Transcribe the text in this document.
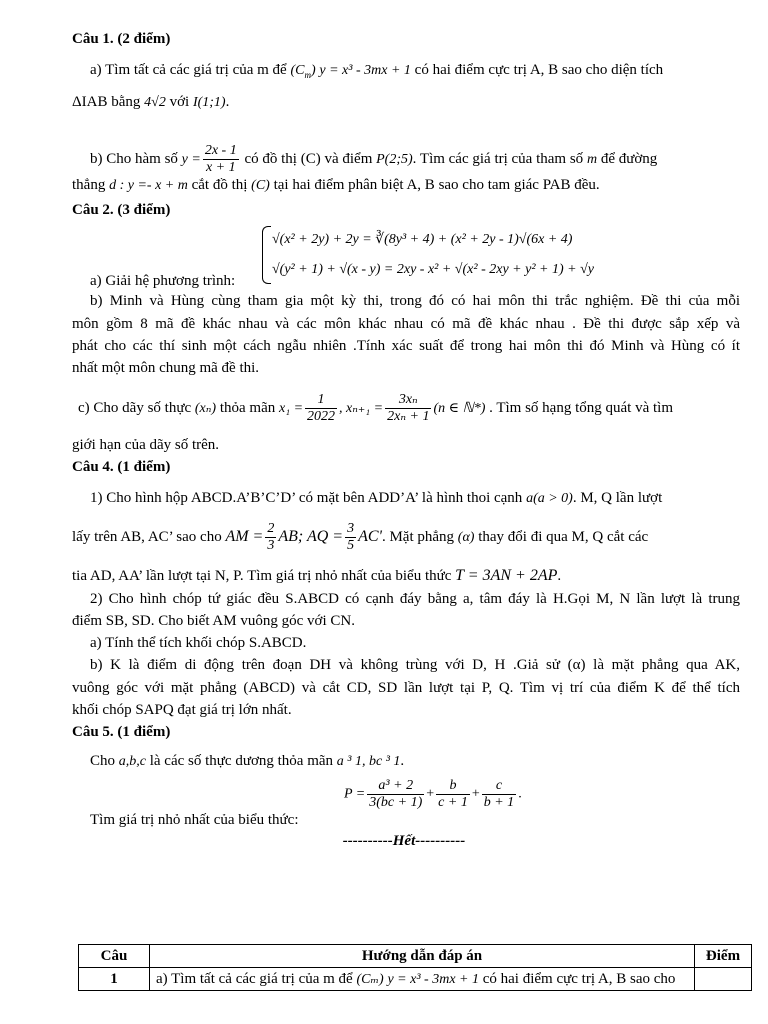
Câu 1. (2 điểm)
a) Tìm tất cả các giá trị của m để $(C_m) y = x^3 - 3mx + 1$ có hai điểm cực trị A, B sao cho diện tích
ΔIAB bằng 4√2 với I(1;1).
b) Cho hàm số $y = \frac{2x - 1}{x + 1}$ có đồ thị (C) và điểm P(2;5). Tìm các giá trị của tham số m để đường
thẳng d : y =- x + m cắt đồ thị (C) tại hai điểm phân biệt A, B sao cho tam giác PAB đều.
Câu 2. (3 điểm)
√(x² + 2y) + 2y = ∛(8y³ + 4) + (x² + 2y - 1)√(6x + 4)
√(y² + 1) + √(x - y) = 2xy - x² + √(x² - 2xy + y² + 1) + √y
a) Giải hệ phương trình:
b) Minh và Hùng cùng tham gia một kỳ thi, trong đó có hai môn thi trắc nghiệm. Đề thi của mỗi
môn gồm 8 mã đề khác nhau và các môn khác nhau có mã đề khác nhau . Đề thi được sắp xếp và
phát cho các thí sinh một cách ngẫu nhiên .Tính xác suất để trong hai môn thi đó Minh và Hùng có ít
nhất một môn chung mã đề thi.
c) Cho dãy số thực (xₙ) thỏa mãn $x_1 = \frac{1}{2022}$ , $x_{n+1} = \frac{\text{3xₙ}}{\text{2xₙ + 1}} (n$ ∈ ℕ*) . Tìm số hạng tổng quát và tìm
giới hạn của dãy số trên.
Câu 4. (1 điểm)
1) Cho hình hộp ABCD.A’B’C’D’ có mặt bên ADD’A’ là hình thoi cạnh a(a > 0). M, Q lần lượt
lấy trên AB, AC’ sao cho AM = $\frac{2}{3}$ AB; AQ = $\frac{3}{5} AC'$. Mặt phẳng (α) thay đổi đi qua M, Q cắt các
tia AD, AA’ lần lượt tại N, P. Tìm giá trị nhỏ nhất của biểu thức T = 3AN + 2AP.
2) Cho hình chóp tứ giác đều S.ABCD có cạnh đáy bằng a, tâm đáy là H.Gọi M, N lần lượt là trung
điểm SB, SD. Cho biết AM vuông góc với CN.
a) Tính thể tích khối chóp S.ABCD.
b) K là điểm di động trên đoạn DH và không trùng với D, H .Giả sử (α) là mặt phẳng qua AK,
vuông góc với mặt phẳng (ABCD) và cắt CD, SD lần lượt tại P, Q. Tìm vị trí của điểm K để thể tích
khối chóp SAPQ đạt giá trị lớn nhất.
Câu 5. (1 điểm)
Cho a,b,c là các số thực dương thỏa mãn a ³ 1, bc ³ 1.
$P = \frac{\text{a³ + 2}}{3(bc + 1)} + \frac{b}{c + 1} + \frac{c}{b + 1}$ .
Tìm giá trị nhỏ nhất của biểu thức:
----------Hết----------
Câu	Hướng dẫn đáp án	Điểm
1	a) Tìm tất cả các giá trị của m để (Cₘ) y = x³ - 3mx + 1 có hai điểm cực trị A, B sao cho	
